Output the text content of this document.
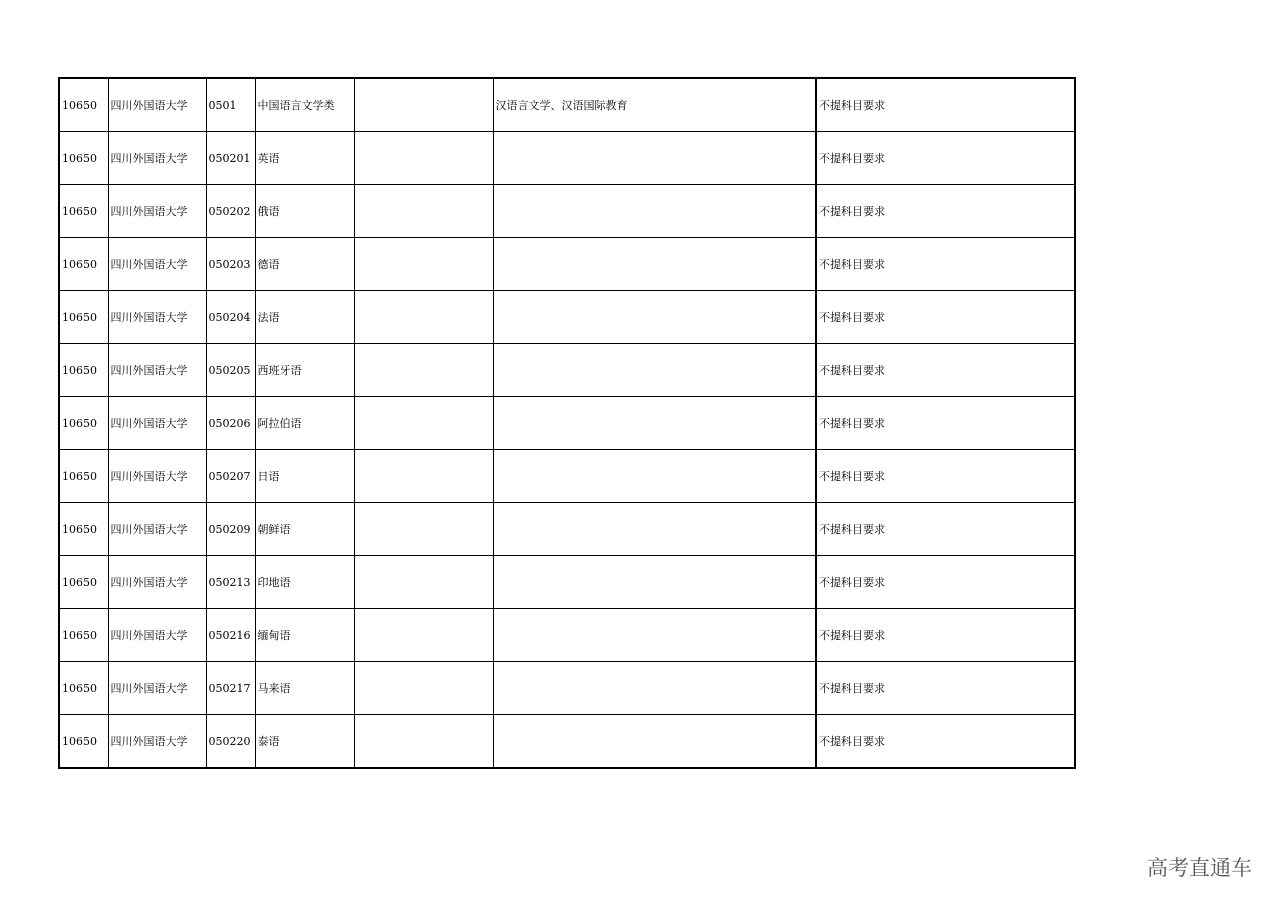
10650	四川外国语大学	0501	中国语言文学类		汉语言文学、汉语国际教育	不提科目要求
10650	四川外国语大学	050201	英语			不提科目要求
10650	四川外国语大学	050202	俄语			不提科目要求
10650	四川外国语大学	050203	德语			不提科目要求
10650	四川外国语大学	050204	法语			不提科目要求
10650	四川外国语大学	050205	西班牙语			不提科目要求
10650	四川外国语大学	050206	阿拉伯语			不提科目要求
10650	四川外国语大学	050207	日语			不提科目要求
10650	四川外国语大学	050209	朝鲜语			不提科目要求
10650	四川外国语大学	050213	印地语			不提科目要求
10650	四川外国语大学	050216	缅甸语			不提科目要求
10650	四川外国语大学	050217	马来语			不提科目要求
10650	四川外国语大学	050220	泰语			不提科目要求
高考直通车
